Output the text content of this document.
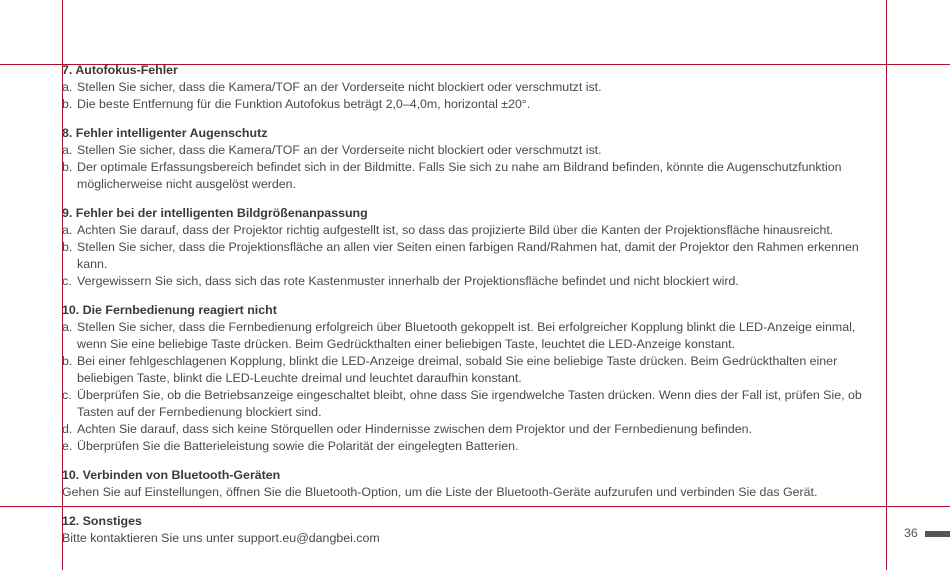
7. Autofokus-Fehler
a. Stellen Sie sicher, dass die Kamera/TOF an der Vorderseite nicht blockiert oder verschmutzt ist.
b. Die beste Entfernung für die Funktion Autofokus beträgt 2,0–4,0m, horizontal ±20°.
8. Fehler intelligenter Augenschutz
a. Stellen Sie sicher, dass die Kamera/TOF an der Vorderseite nicht blockiert oder verschmutzt ist.
b. Der optimale Erfassungsbereich befindet sich in der Bildmitte. Falls Sie sich zu nahe am Bildrand befinden, könnte die Augenschutzfunktion möglicherweise nicht ausgelöst werden.
9. Fehler bei der intelligenten Bildgrößenanpassung
a. Achten Sie darauf, dass der Projektor richtig aufgestellt ist, so dass das projizierte Bild über die Kanten der Projektionsfläche hinausreicht.
b. Stellen Sie sicher, dass die Projektionsfläche an allen vier Seiten einen farbigen Rand/Rahmen hat, damit der Projektor den Rahmen erkennen kann.
c. Vergewissern Sie sich, dass sich das rote Kastenmuster innerhalb der Projektionsfläche befindet und nicht blockiert wird.
10. Die Fernbedienung reagiert nicht
a. Stellen Sie sicher, dass die Fernbedienung erfolgreich über Bluetooth gekoppelt ist. Bei erfolgreicher Kopplung blinkt die LED-Anzeige einmal, wenn Sie eine beliebige Taste drücken. Beim Gedrückthalten einer beliebigen Taste, leuchtet die LED-Anzeige konstant.
b. Bei einer fehlgeschlagenen Kopplung, blinkt die LED-Anzeige dreimal, sobald Sie eine beliebige Taste drücken. Beim Gedrückthalten einer beliebigen Taste, blinkt die LED-Leuchte dreimal und leuchtet daraufhin konstant.
c. Überprüfen Sie, ob die Betriebsanzeige eingeschaltet bleibt, ohne dass Sie irgendwelche Tasten drücken. Wenn dies der Fall ist, prüfen Sie, ob Tasten auf der Fernbedienung blockiert sind.
d. Achten Sie darauf, dass sich keine Störquellen oder Hindernisse zwischen dem Projektor und der Fernbedienung befinden.
e. Überprüfen Sie die Batterieleistung sowie die Polarität der eingelegten Batterien.
10. Verbinden von Bluetooth-Geräten
Gehen Sie auf Einstellungen, öffnen Sie die Bluetooth-Option, um die Liste der Bluetooth-Geräte aufzurufen und verbinden Sie das Gerät.
12. Sonstiges
Bitte kontaktieren Sie uns unter support.eu@dangbei.com	36
